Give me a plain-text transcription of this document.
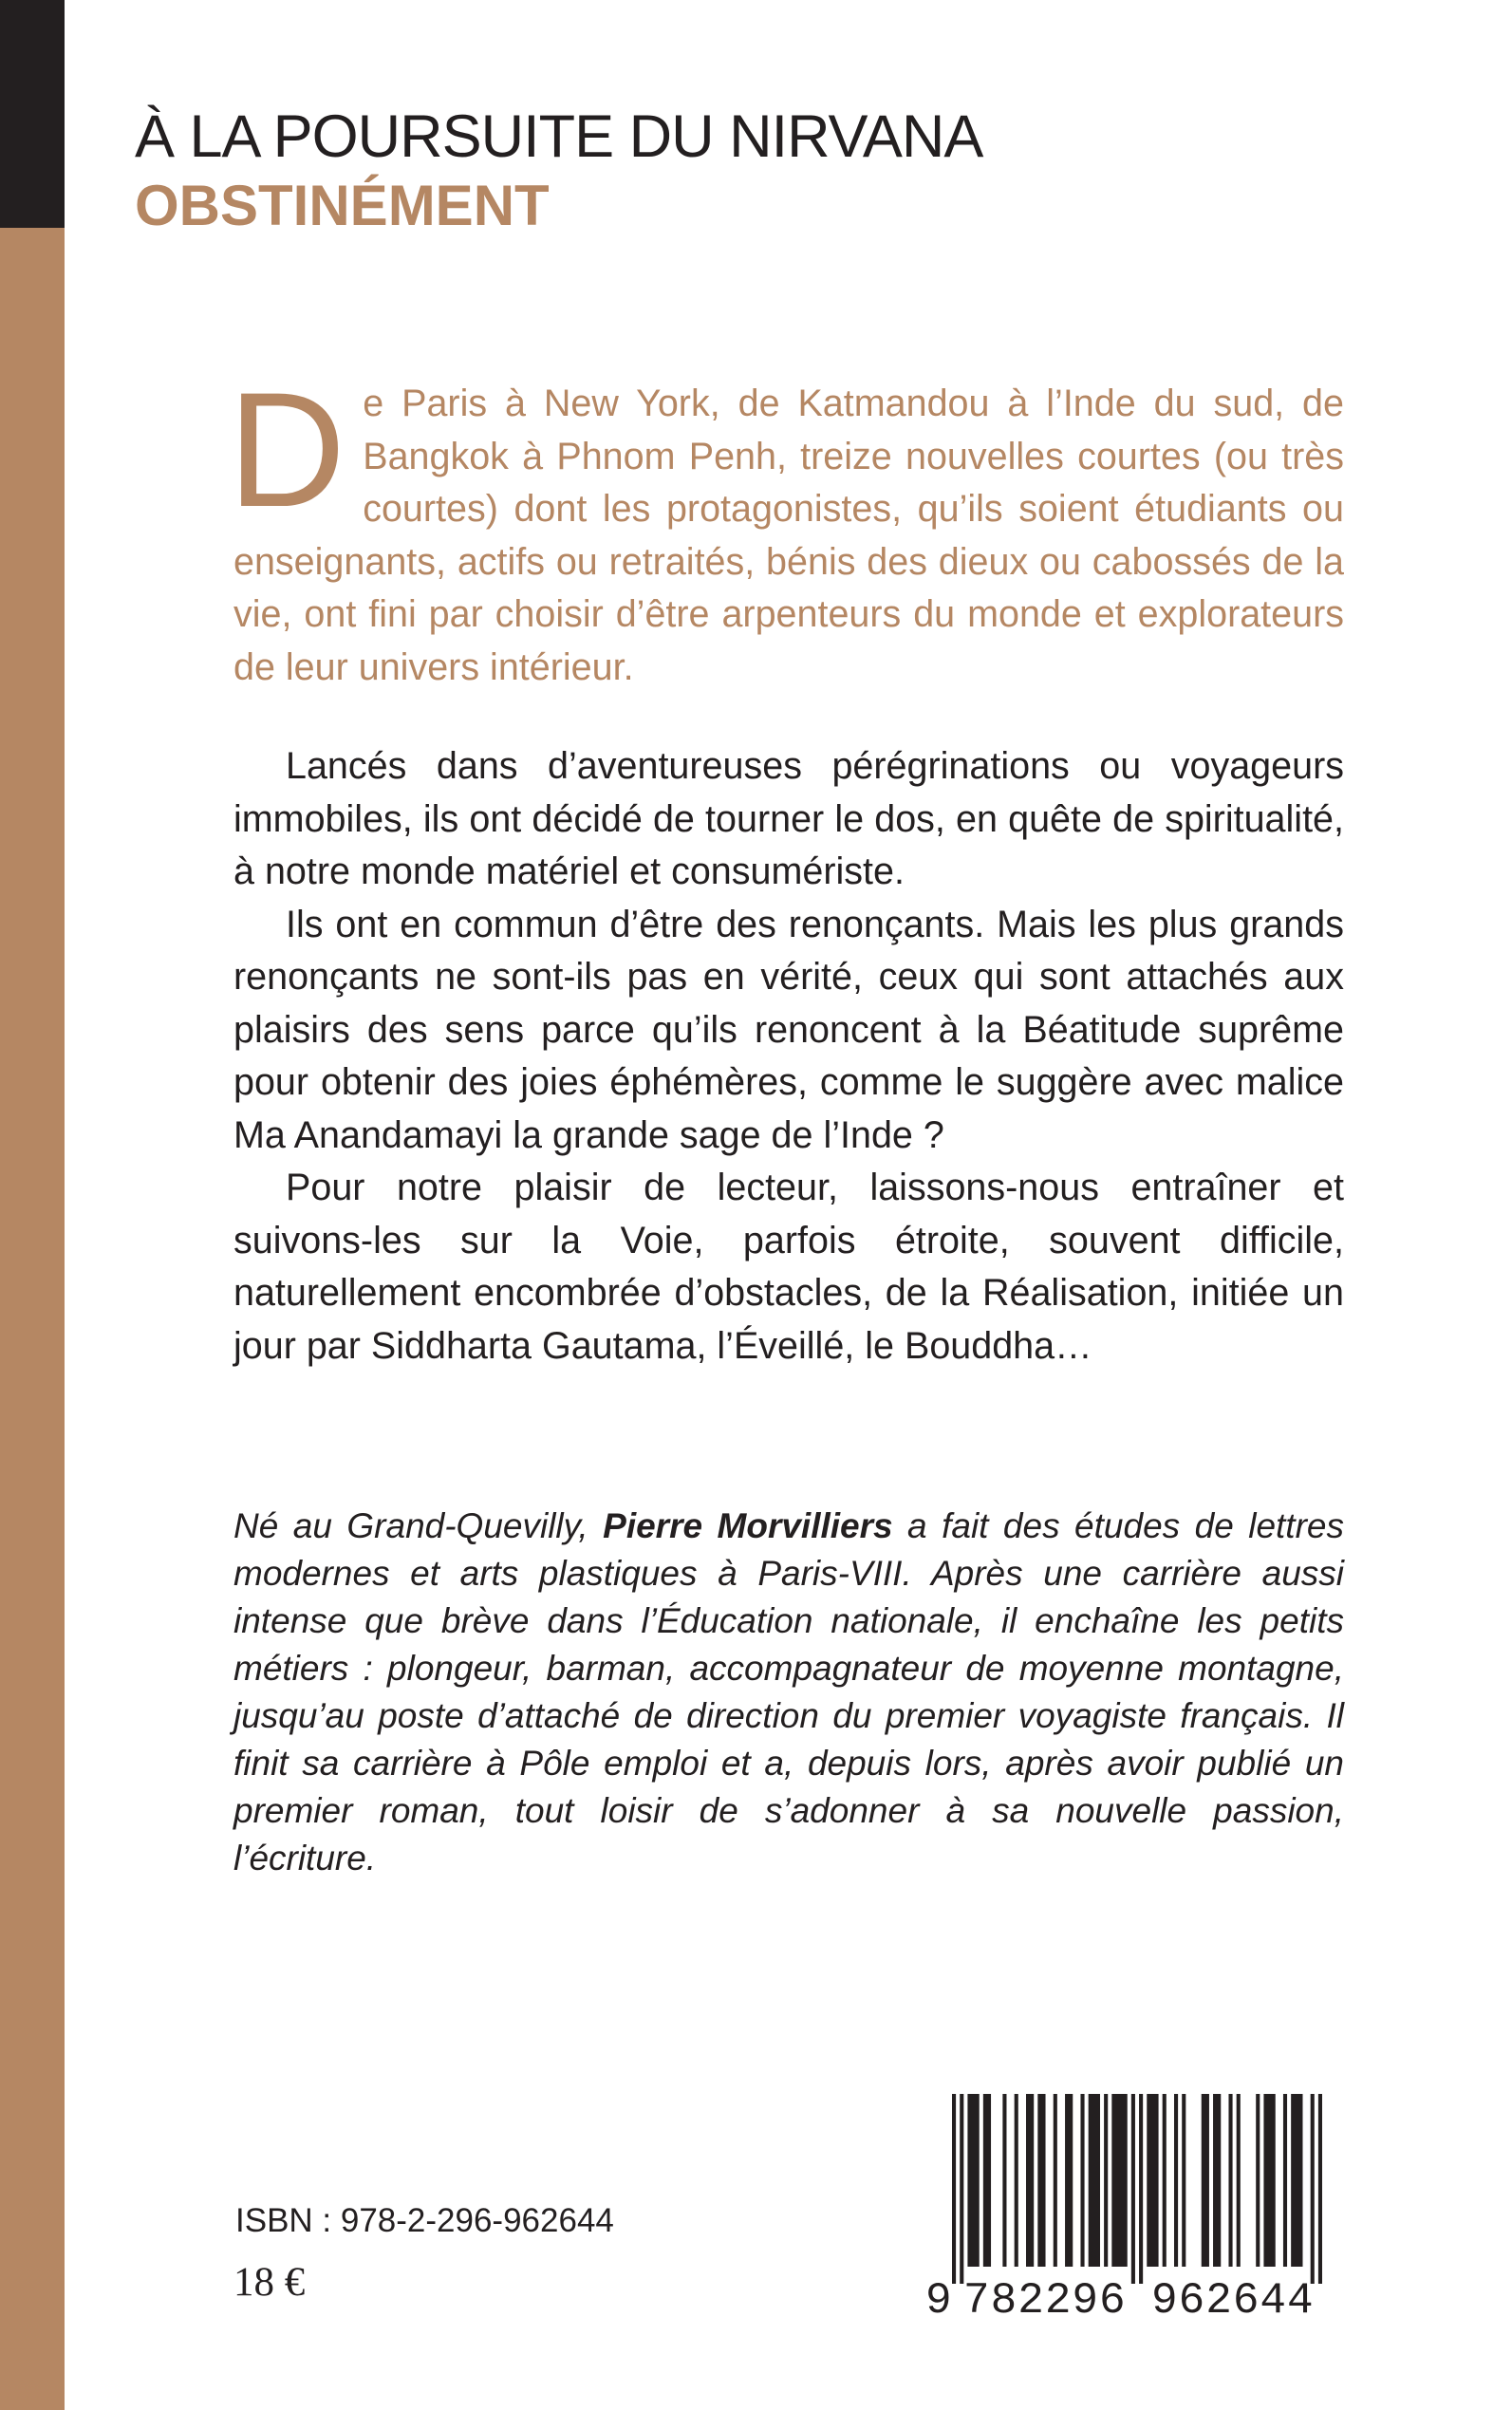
À LA POURSUITE DU NIRVANA
OBSTINÉMENT
D e Paris à New York, de Katmandou à l’Inde du sud, de Bangkok à Phnom Penh, treize nouvelles courtes (ou très courtes) dont les protagonistes, qu’ils soient étudiants ou enseignants, actifs ou retraités, bénis des dieux ou cabossés de la vie, ont fini par choisir d’être arpenteurs du monde et explorateurs de leur univers intérieur.

Lancés dans d’aventureuses pérégrinations ou voyageurs immobiles, ils ont décidé de tourner le dos, en quête de spiritualité, à notre monde matériel et consumériste.

Ils ont en commun d’être des renonçants. Mais les plus grands renonçants ne sont-ils pas en vérité, ceux qui sont attachés aux plaisirs des sens parce qu’ils renoncent à la Béatitude suprême pour obtenir des joies éphémères, comme le suggère avec malice Ma Anandamayi la grande sage de l’Inde ?

Pour notre plaisir de lecteur, laissons-nous entraîner et suivons-les sur la Voie, parfois étroite, souvent difficile, naturellement encombrée d’obstacles, de la Réalisation, initiée un jour par Siddharta Gautama, l’Éveillé, le Bouddha…

Né au Grand-Quevilly, Pierre Morvilliers a fait des études de lettres modernes et arts plastiques à Paris-VIII. Après une carrière aussi intense que brève dans l’Éducation nationale, il enchaîne les petits métiers : plongeur, barman, accompagnateur de moyenne montagne, jusqu’au poste d’attaché de direction du premier voyagiste français. Il finit sa carrière à Pôle emploi et a, depuis lors, après avoir publié un premier roman, tout loisir de s’adonner à sa nouvelle passion, l’écriture.
ISBN : 978-2-296-962644
18 €	9 782296 962644
